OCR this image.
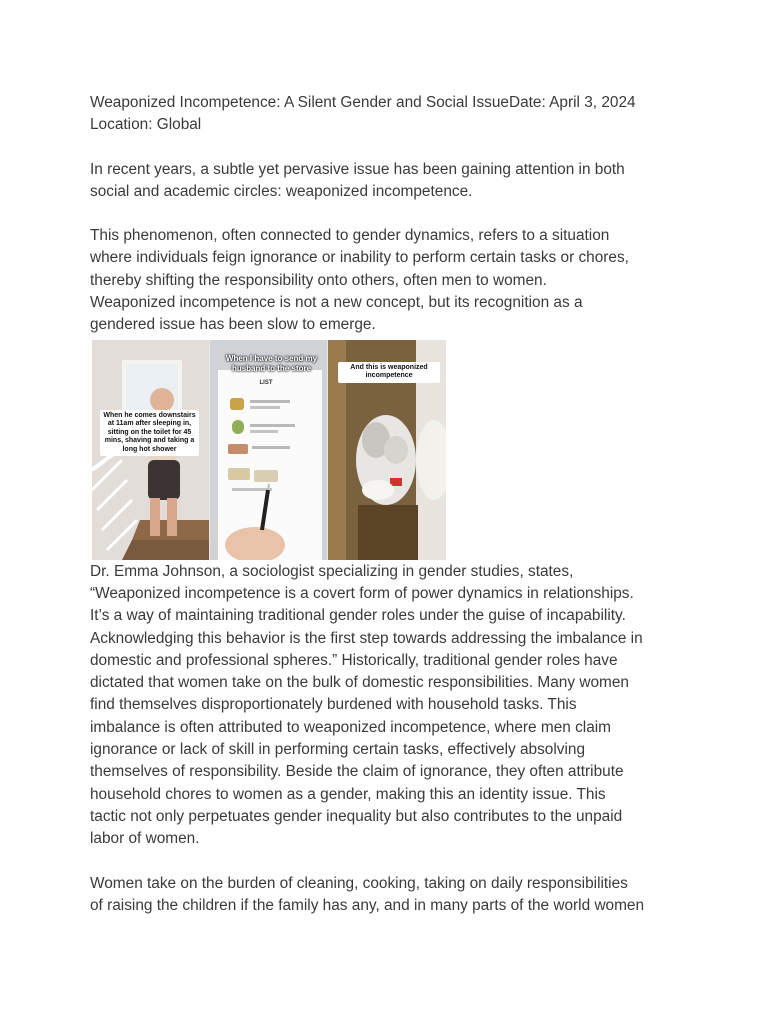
Weaponized Incompetence: A Silent Gender and Social IssueDate: April 3, 2024
Location: Global

In recent years, a subtle yet pervasive issue has been gaining attention in both
social and academic circles: weaponized incompetence.

This phenomenon, often connected to gender dynamics, refers to a situation
where individuals feign ignorance or inability to perform certain tasks or chores,
thereby shifting the responsibility onto others, often men to women.
Weaponized incompetence is not a new concept, but its recognition as a
gendered issue has been slow to emerge.

When he comes downstairs
at 11am after sleeping in,
sitting on the toilet for 45
mins, shaving and taking a
long hot shower
When I have to send my
husband to the store
LIST
And this is weaponized
incompetence

Dr. Emma Johnson, a sociologist specializing in gender studies, states,
“Weaponized incompetence is a covert form of power dynamics in relationships.
It’s a way of maintaining traditional gender roles under the guise of incapability.
Acknowledging this behavior is the first step towards addressing the imbalance in
domestic and professional spheres.” Historically, traditional gender roles have
dictated that women take on the bulk of domestic responsibilities. Many women
find themselves disproportionately burdened with household tasks. This
imbalance is often attributed to weaponized incompetence, where men claim
ignorance or lack of skill in performing certain tasks, effectively absolving
themselves of responsibility. Beside the claim of ignorance, they often attribute
household chores to women as a gender, making this an identity issue. This
tactic not only perpetuates gender inequality but also contributes to the unpaid
labor of women.

Women take on the burden of cleaning, cooking, taking on daily responsibilities
of raising the children if the family has any, and in many parts of the world women
